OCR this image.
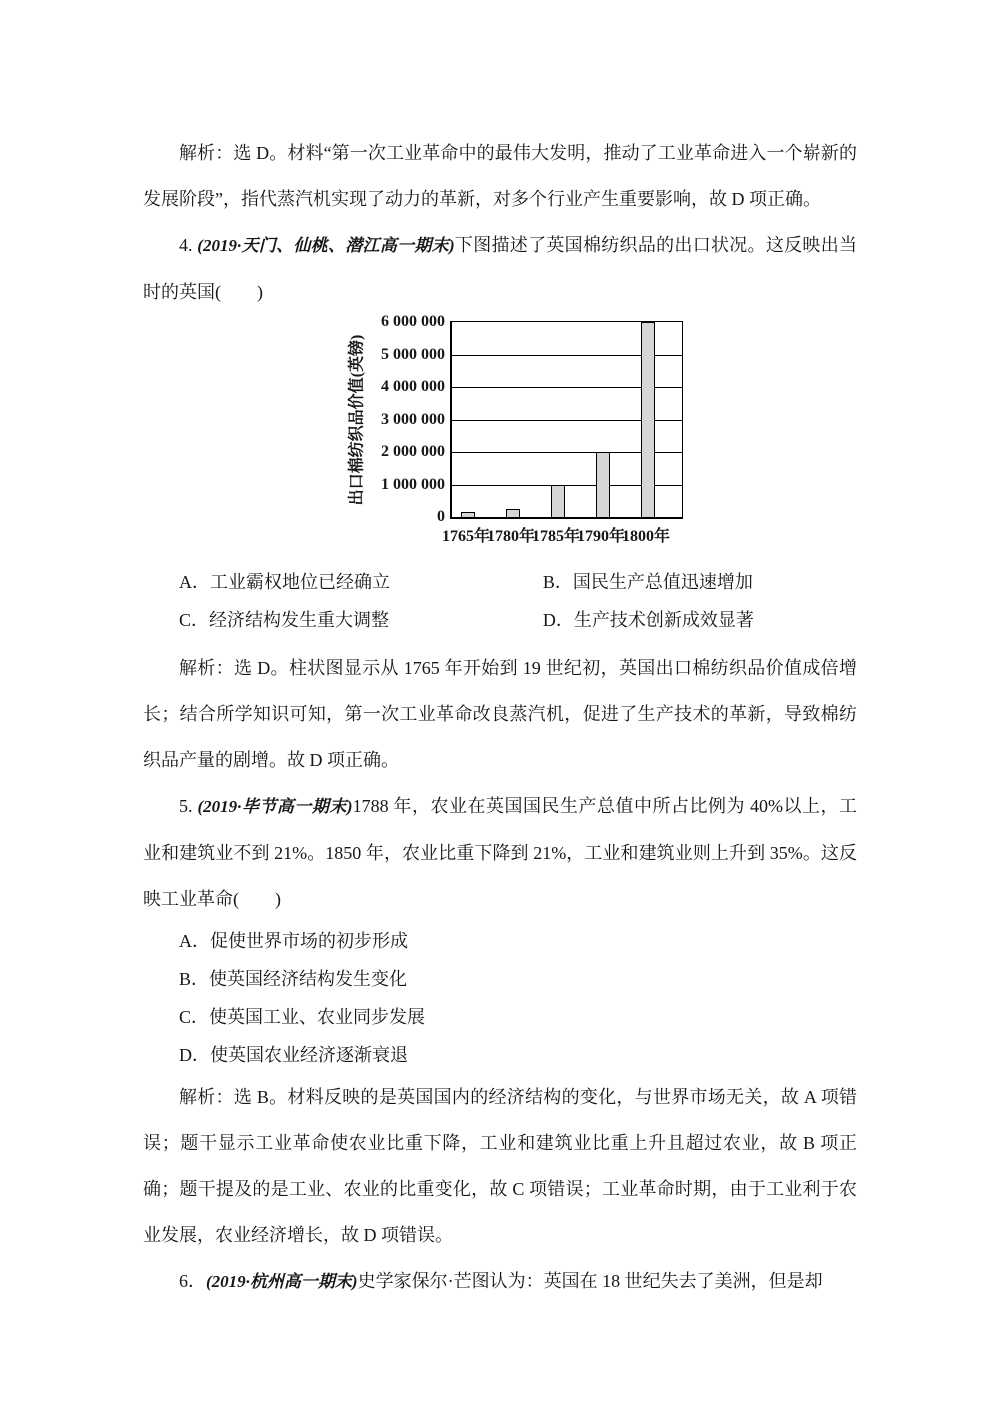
解析：选 D。材料“第一次工业革命中的最伟大发明，推动了工业革命进入一个崭新的发展阶段”，指代蒸汽机实现了动力的革新，对多个行业产生重要影响，故 D 项正确。

4. (2019·天门、仙桃、潜江高一期末)下图描述了英国棉纺织品的出口状况。这反映出当时的英国(　　)

出口棉纺织品价值(英镑)
0
1 000 000
2 000 000
3 000 000
4 000 000
5 000 000
6 000 000
1765年
1780年
1785年
1790年
1800年
A．工业霸权地位已经确立	B．国民生产总值迅速增加
C．经济结构发生重大调整	D．生产技术创新成效显著

解析：选 D。柱状图显示从 1765 年开始到 19 世纪初，英国出口棉纺织品价值成倍增长；结合所学知识可知，第一次工业革命改良蒸汽机，促进了生产技术的革新，导致棉纺织品产量的剧增。故 D 项正确。

5. (2019·毕节高一期末)1788 年，农业在英国国民生产总值中所占比例为 40%以上，工业和建筑业不到 21%。1850 年，农业比重下降到 21%，工业和建筑业则上升到 35%。这反映工业革命(　　)

A．促使世界市场的初步形成
B．使英国经济结构发生变化
C．使英国工业、农业同步发展
D．使英国农业经济逐渐衰退

解析：选 B。材料反映的是英国国内的经济结构的变化，与世界市场无关，故 A 项错误；题干显示工业革命使农业比重下降，工业和建筑业比重上升且超过农业，故 B 项正确；题干提及的是工业、农业的比重变化，故 C 项错误；工业革命时期，由于工业利于农业发展，农业经济增长，故 D 项错误。

6．(2019·杭州高一期末)史学家保尔·芒图认为：英国在 18 世纪失去了美洲，但是却
